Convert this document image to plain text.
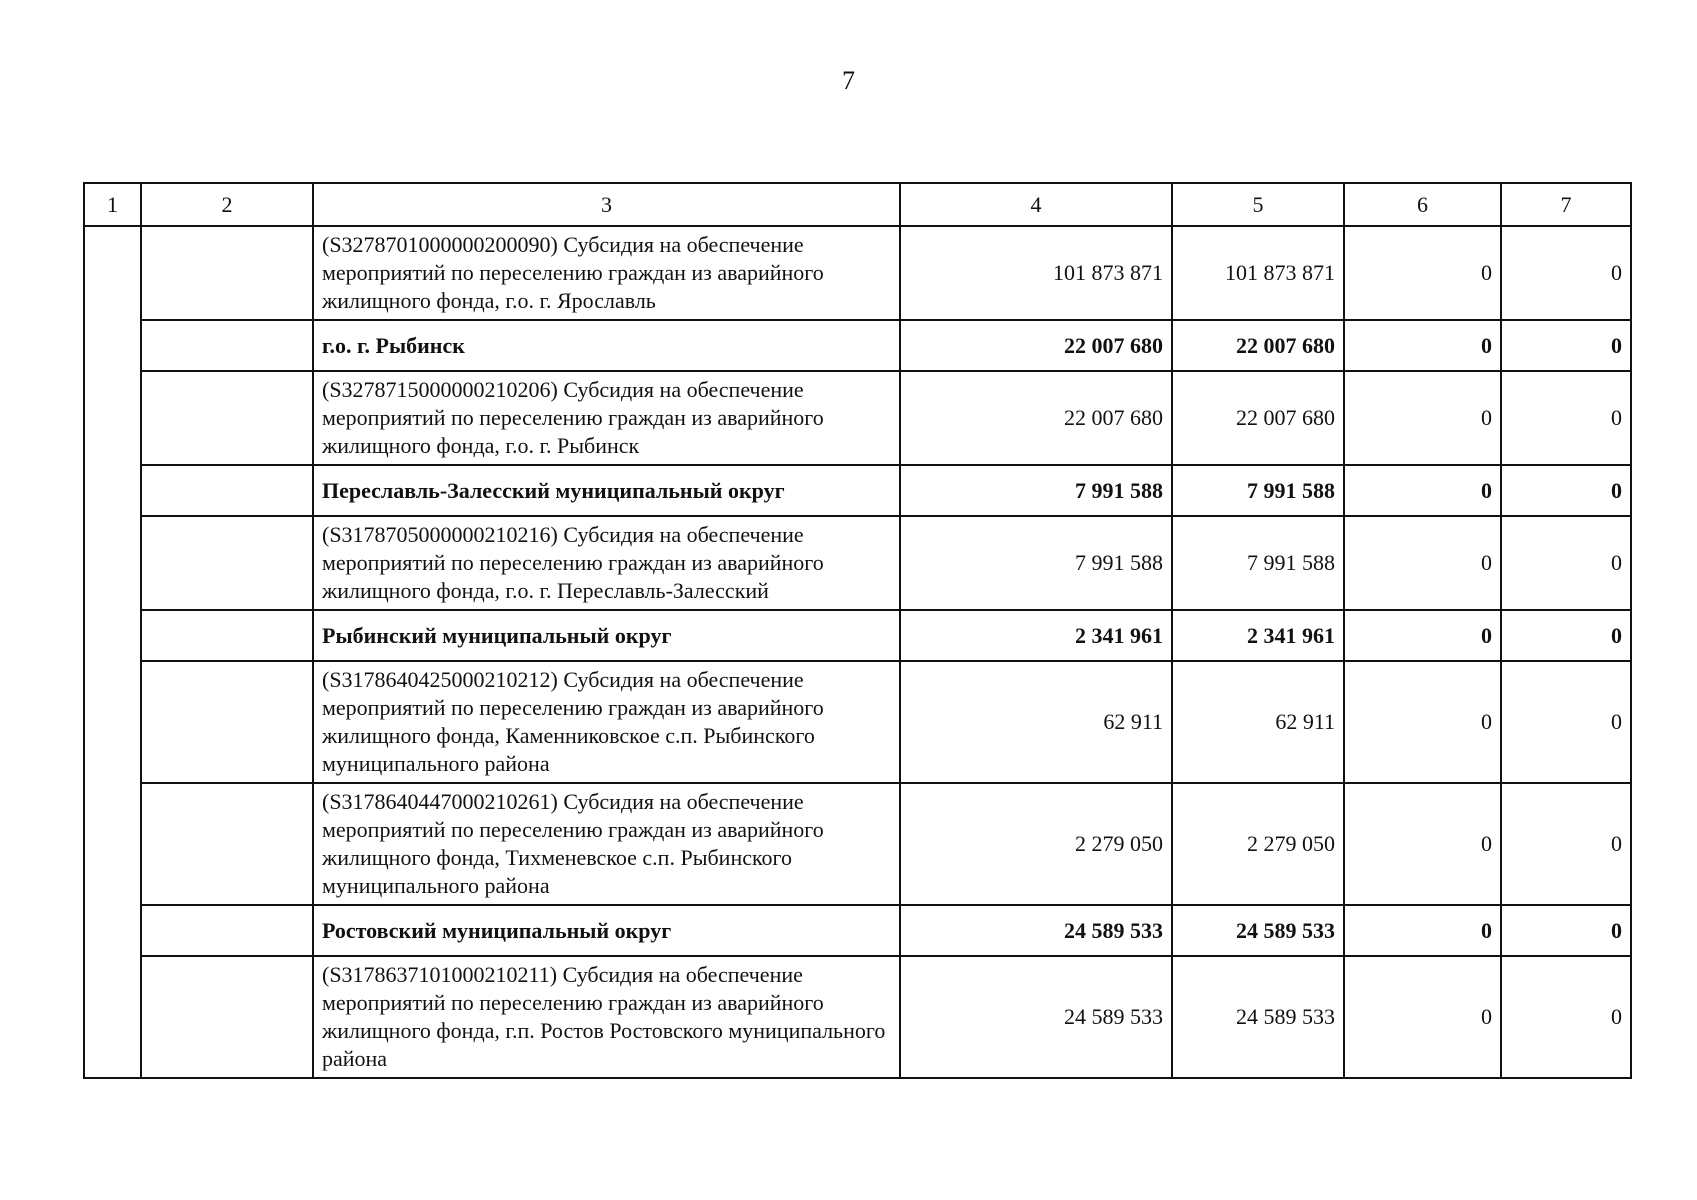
7
1	2	3	4	5	6	7
		(S3278701000000200090) Субсидия на обеспечение мероприятий по переселению граждан из аварийного жилищного фонда, г.о. г. Ярославль	101 873 871	101 873 871	0	0
		г.о. г. Рыбинск	22 007 680	22 007 680	0	0
		(S3278715000000210206) Субсидия на обеспечение мероприятий по переселению граждан из аварийного жилищного фонда, г.о. г. Рыбинск	22 007 680	22 007 680	0	0
		Переславль-Залесский муниципальный округ	7 991 588	7 991 588	0	0
		(S3178705000000210216) Субсидия на обеспечение мероприятий по переселению граждан из аварийного жилищного фонда, г.о. г. Переславль-Залесский	7 991 588	7 991 588	0	0
		Рыбинский муниципальный округ	2 341 961	2 341 961	0	0
		(S3178640425000210212) Субсидия на обеспечение мероприятий по переселению граждан из аварийного жилищного фонда, Каменниковское с.п. Рыбинского муниципального района	62 911	62 911	0	0
		(S3178640447000210261) Субсидия на обеспечение мероприятий по переселению граждан из аварийного жилищного фонда, Тихменевское с.п. Рыбинского муниципального района	2 279 050	2 279 050	0	0
		Ростовский муниципальный округ	24 589 533	24 589 533	0	0
		(S3178637101000210211) Субсидия на обеспечение мероприятий по переселению граждан из аварийного жилищного фонда, г.п. Ростов Ростовского муниципального района	24 589 533	24 589 533	0	0
